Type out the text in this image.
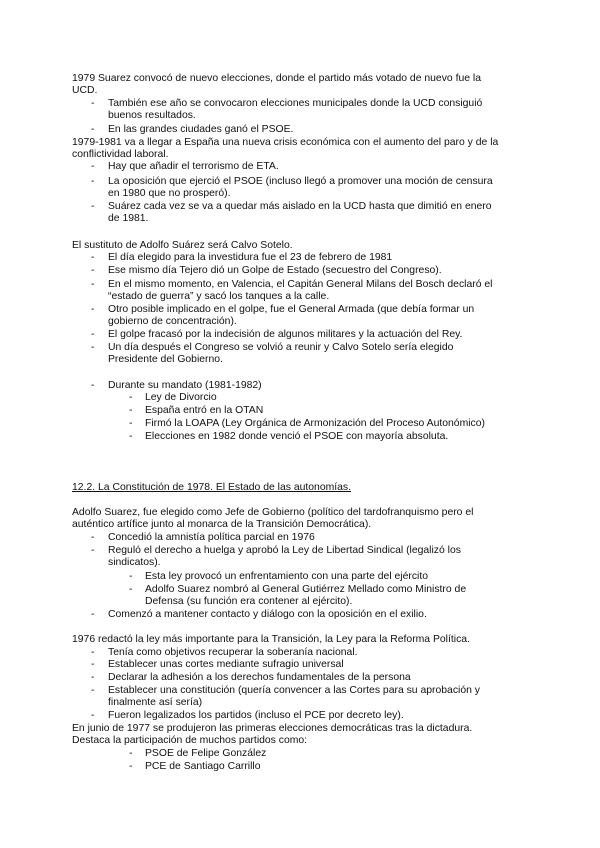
1979 Suarez convocó de nuevo elecciones, donde el partido más votado de nuevo fue la
UCD.
- También ese año se convocaron elecciones municipales donde la UCD consiguió
buenos resultados.
- En las grandes ciudades ganó el PSOE.
1979-1981 va a llegar a España una nueva crisis económica con el aumento del paro y de la
conflictividad laboral.
- Hay que añadir el terrorismo de ETA.
- La oposición que ejerció el PSOE (incluso llegó a promover una moción de censura
en 1980 que no prosperó).
- Suárez cada vez se va a quedar más aislado en la UCD hasta que dimitió en enero
de 1981.
El sustituto de Adolfo Suárez será Calvo Sotelo.
- El día elegido para la investidura fue el 23 de febrero de 1981
- Ese mismo día Tejero dió un Golpe de Estado (secuestro del Congreso).
- En el mismo momento, en Valencia, el Capitán General Milans del Bosch declaró el
“estado de guerra” y sacó los tanques a la calle.
- Otro posible implicado en el golpe, fue el General Armada (que debía formar un
gobierno de concentración).
- El golpe fracasó por la indecisión de algunos militares y la actuación del Rey.
- Un día después el Congreso se volvió a reunir y Calvo Sotelo sería elegido
Presidente del Gobierno.
- Durante su mandato (1981-1982)
- Ley de Divorcio
- España entró en la OTAN
- Firmó la LOAPA (Ley Orgánica de Armonización del Proceso Autonómico)
- Elecciones en 1982 donde venció el PSOE con mayoría absoluta.
12.2. La Constitución de 1978. El Estado de las autonomías.
Adolfo Suarez, fue elegido como Jefe de Gobierno (político del tardofranquismo pero el
auténtico artífice junto al monarca de la Transición Democrática).
- Concedió la amnistía política parcial en 1976
- Reguló el derecho a huelga y aprobó la Ley de Libertad Sindical (legalizó los
sindicatos).
- Esta ley provocó un enfrentamiento con una parte del ejército
- Adolfo Suarez nombró al General Gutiérrez Mellado como Ministro de
Defensa (su función era contener al ejército).
- Comenzó a mantener contacto y diálogo con la oposición en el exilio.
1976 redactó la ley más importante para la Transición, la Ley para la Reforma Política.
- Tenía como objetivos recuperar la soberanía nacional.
- Establecer unas cortes mediante sufragio universal
- Declarar la adhesión a los derechos fundamentales de la persona
- Establecer una constitución (quería convencer a las Cortes para su aprobación y
finalmente así sería)
- Fueron legalizados los partidos (incluso el PCE por decreto ley).
En junio de 1977 se produjeron las primeras elecciones democráticas tras la dictadura.
Destaca la participación de muchos partidos como:
- PSOE de Felipe González
- PCE de Santiago Carrillo
